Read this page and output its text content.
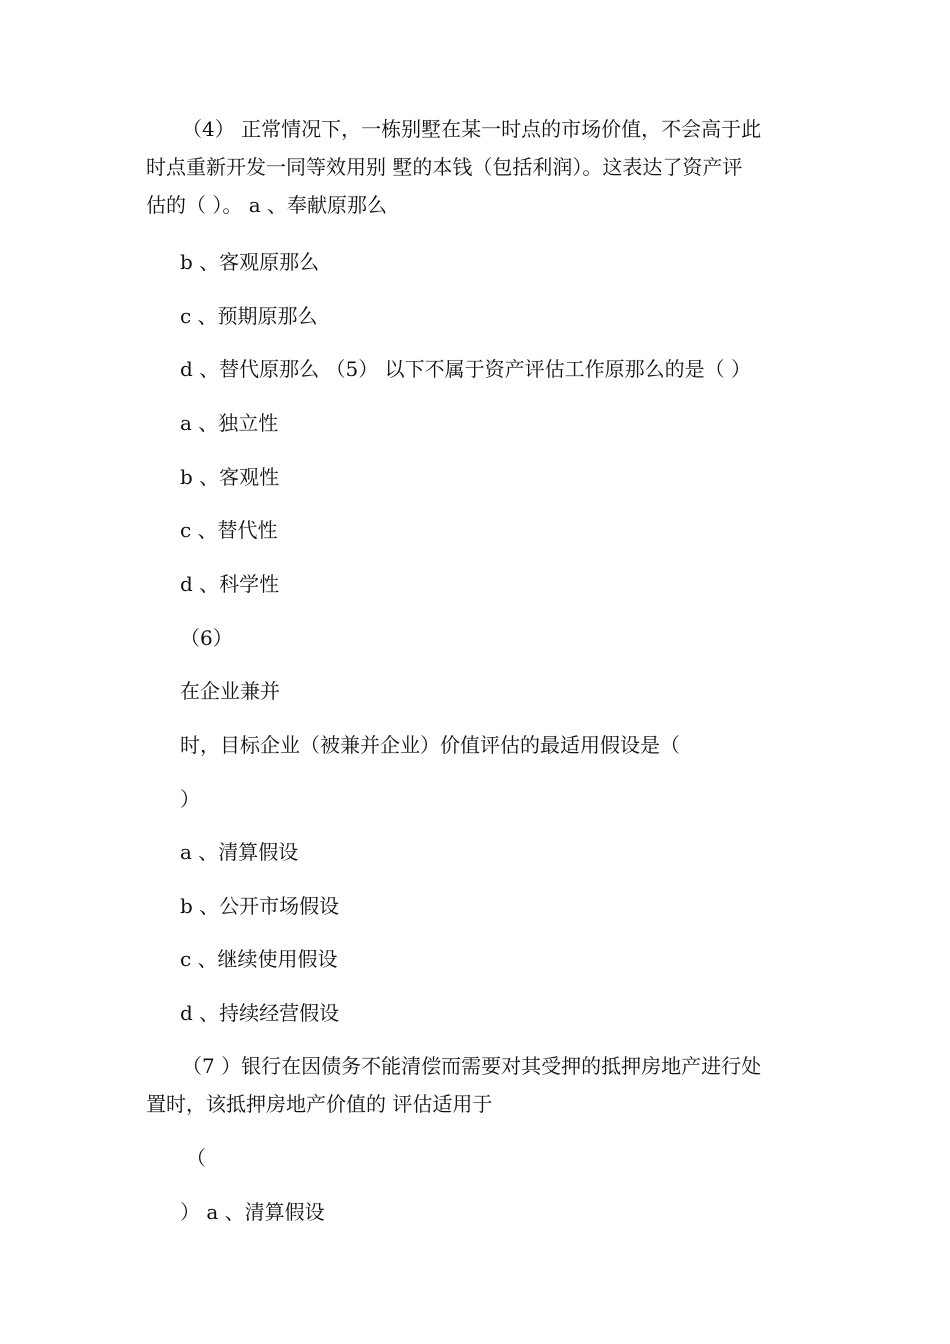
（4） 正常情况下，一栋别墅在某一时点的市场价值，不会高于此
时点重新开发一同等效用别 墅的本钱（包括利润）。这表达了资产评
估的（ ）。 a 、奉献原那么
b 、客观原那么
c 、预期原那么
d 、替代原那么 （5） 以下不属于资产评估工作原那么的是（ ）
a 、独立性
b 、客观性
c 、替代性
d 、科学性
（6）
在企业兼并
时，目标企业（被兼并企业）价值评估的最适用假设是（
）
a 、清算假设
b 、公开市场假设
c 、继续使用假设
d 、持续经营假设
（7 ）银行在因债务不能清偿而需要对其受押的抵押房地产进行处
置时，该抵押房地产价值的 评估适用于
（
） a 、清算假设
